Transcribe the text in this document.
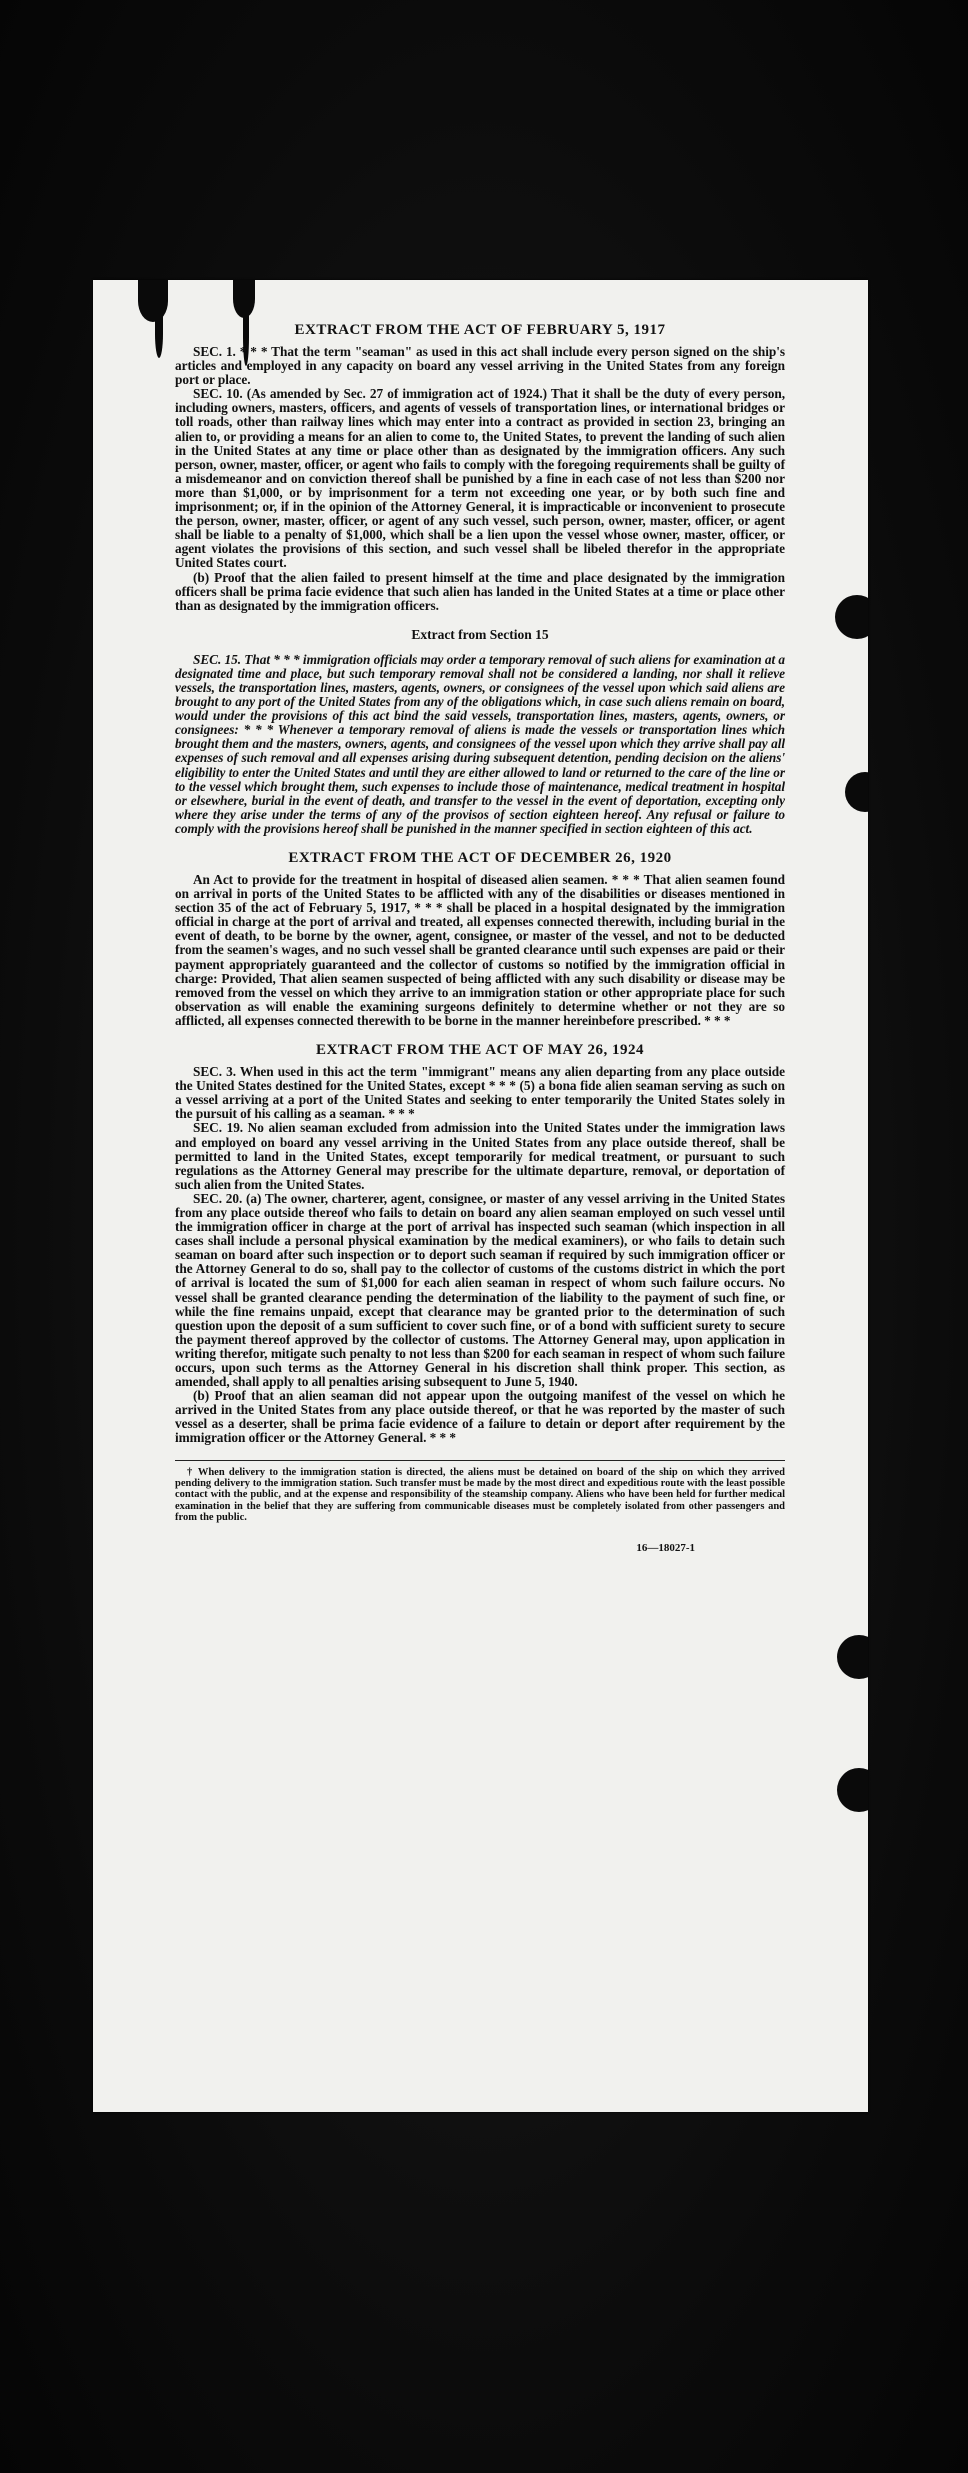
EXTRACT FROM THE ACT OF FEBRUARY 5, 1917

SEC. 1. * * * That the term "seaman" as used in this act shall include every person signed on the ship's articles and employed in any capacity on board any vessel arriving in the United States from any foreign port or place.

SEC. 10. (As amended by Sec. 27 of immigration act of 1924.) That it shall be the duty of every person, including owners, masters, officers, and agents of vessels of transportation lines, or international bridges or toll roads, other than railway lines which may enter into a contract as provided in section 23, bringing an alien to, or providing a means for an alien to come to, the United States, to prevent the landing of such alien in the United States at any time or place other than as designated by the immigration officers. Any such person, owner, master, officer, or agent who fails to comply with the foregoing requirements shall be guilty of a misdemeanor and on conviction thereof shall be punished by a fine in each case of not less than $200 nor more than $1,000, or by imprisonment for a term not exceeding one year, or by both such fine and imprisonment; or, if in the opinion of the Attorney General, it is impracticable or inconvenient to prosecute the person, owner, master, officer, or agent of any such vessel, such person, owner, master, officer, or agent shall be liable to a penalty of $1,000, which shall be a lien upon the vessel whose owner, master, officer, or agent violates the provisions of this section, and such vessel shall be libeled therefor in the appropriate United States court.

(b) Proof that the alien failed to present himself at the time and place designated by the immigration officers shall be prima facie evidence that such alien has landed in the United States at a time or place other than as designated by the immigration officers.

Extract from Section 15

SEC. 15. That * * * immigration officials may order a temporary removal of such aliens for examination at a designated time and place, but such temporary removal shall not be considered a landing, nor shall it relieve vessels, the transportation lines, masters, agents, owners, or consignees of the vessel upon which said aliens are brought to any port of the United States from any of the obligations which, in case such aliens remain on board, would under the provisions of this act bind the said vessels, transportation lines, masters, agents, owners, or consignees: * * * Whenever a temporary removal of aliens is made the vessels or transportation lines which brought them and the masters, owners, agents, and consignees of the vessel upon which they arrive shall pay all expenses of such removal and all expenses arising during subsequent detention, pending decision on the aliens' eligibility to enter the United States and until they are either allowed to land or returned to the care of the line or to the vessel which brought them, such expenses to include those of maintenance, medical treatment in hospital or elsewhere, burial in the event of death, and transfer to the vessel in the event of deportation, excepting only where they arise under the terms of any of the provisos of section eighteen hereof. Any refusal or failure to comply with the provisions hereof shall be punished in the manner specified in section eighteen of this act.

EXTRACT FROM THE ACT OF DECEMBER 26, 1920

An Act to provide for the treatment in hospital of diseased alien seamen. * * * That alien seamen found on arrival in ports of the United States to be afflicted with any of the disabilities or diseases mentioned in section 35 of the act of February 5, 1917, * * * shall be placed in a hospital designated by the immigration official in charge at the port of arrival and treated, all expenses connected therewith, including burial in the event of death, to be borne by the owner, agent, consignee, or master of the vessel, and not to be deducted from the seamen's wages, and no such vessel shall be granted clearance until such expenses are paid or their payment appropriately guaranteed and the collector of customs so notified by the immigration official in charge: Provided, That alien seamen suspected of being afflicted with any such disability or disease may be removed from the vessel on which they arrive to an immigration station or other appropriate place for such observation as will enable the examining surgeons definitely to determine whether or not they are so afflicted, all expenses connected therewith to be borne in the manner hereinbefore prescribed. * * *

EXTRACT FROM THE ACT OF MAY 26, 1924

SEC. 3. When used in this act the term "immigrant" means any alien departing from any place outside the United States destined for the United States, except * * * (5) a bona fide alien seaman serving as such on a vessel arriving at a port of the United States and seeking to enter temporarily the United States solely in the pursuit of his calling as a seaman. * * *

SEC. 19. No alien seaman excluded from admission into the United States under the immigration laws and employed on board any vessel arriving in the United States from any place outside thereof, shall be permitted to land in the United States, except temporarily for medical treatment, or pursuant to such regulations as the Attorney General may prescribe for the ultimate departure, removal, or deportation of such alien from the United States.

SEC. 20. (a) The owner, charterer, agent, consignee, or master of any vessel arriving in the United States from any place outside thereof who fails to detain on board any alien seaman employed on such vessel until the immigration officer in charge at the port of arrival has inspected such seaman (which inspection in all cases shall include a personal physical examination by the medical examiners), or who fails to detain such seaman on board after such inspection or to deport such seaman if required by such immigration officer or the Attorney General to do so, shall pay to the collector of customs of the customs district in which the port of arrival is located the sum of $1,000 for each alien seaman in respect of whom such failure occurs. No vessel shall be granted clearance pending the determination of the liability to the payment of such fine, or while the fine remains unpaid, except that clearance may be granted prior to the determination of such question upon the deposit of a sum sufficient to cover such fine, or of a bond with sufficient surety to secure the payment thereof approved by the collector of customs. The Attorney General may, upon application in writing therefor, mitigate such penalty to not less than $200 for each seaman in respect of whom such failure occurs, upon such terms as the Attorney General in his discretion shall think proper. This section, as amended, shall apply to all penalties arising subsequent to June 5, 1940.

(b) Proof that an alien seaman did not appear upon the outgoing manifest of the vessel on which he arrived in the United States from any place outside thereof, or that he was reported by the master of such vessel as a deserter, shall be prima facie evidence of a failure to detain or deport after requirement by the immigration officer or the Attorney General. * * *

† When delivery to the immigration station is directed, the aliens must be detained on board of the ship on which they arrived pending delivery to the immigration station. Such transfer must be made by the most direct and expeditious route with the least possible contact with the public, and at the expense and responsibility of the steamship company. Aliens who have been held for further medical examination in the belief that they are suffering from communicable diseases must be completely isolated from other passengers and from the public.

16—18027-1
